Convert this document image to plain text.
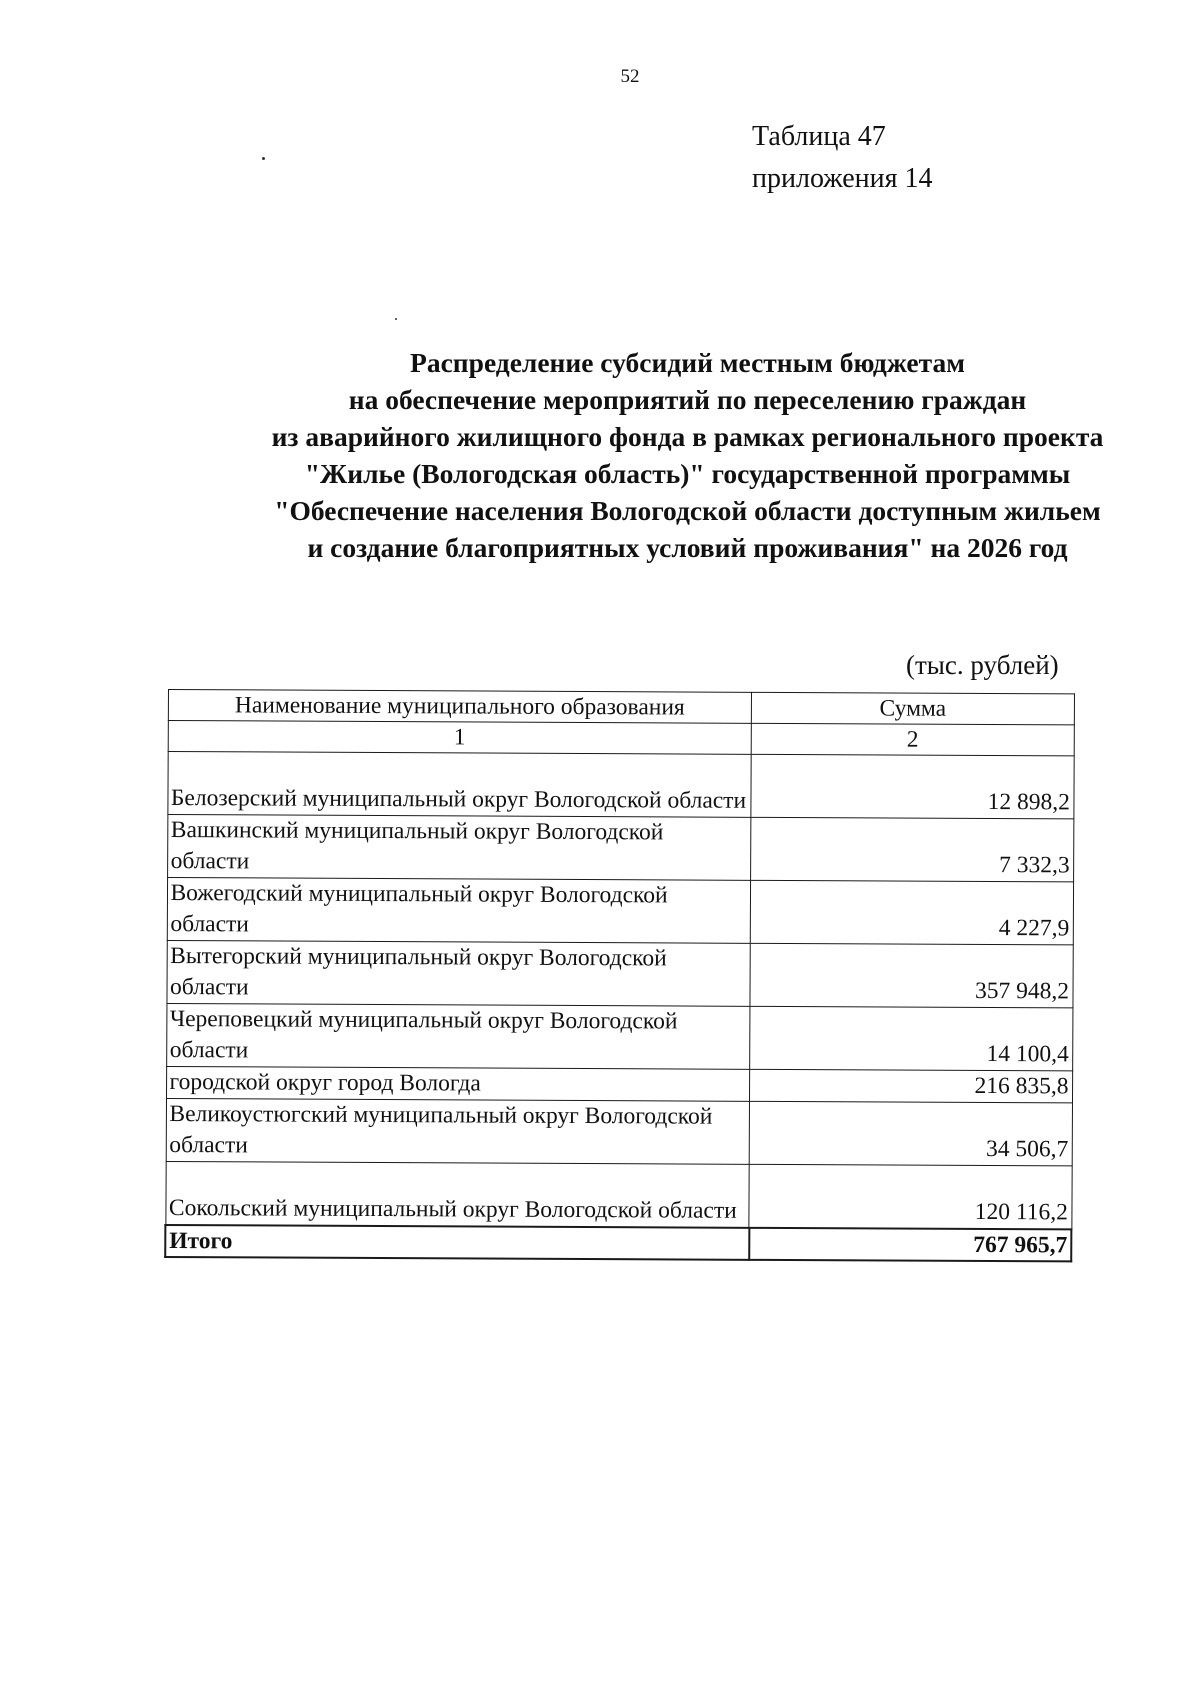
52
Таблица 47
приложения 14
Распределение субсидий местным бюджетам
на обеспечение мероприятий по переселению граждан
из аварийного жилищного фонда в рамках регионального проекта
"Жилье (Вологодская область)" государственной программы
"Обеспечение населения Вологодской области доступным жильем
и создание благоприятных условий проживания" на 2026 год
(тыс. рублей)
Наименование муниципального образования	Сумма
1	2
Белозерский муниципальный округ Вологодской области	12 898,2
Вашкинский муниципальный округ Вологодской области	7 332,3
Вожегодский муниципальный округ Вологодской области	4 227,9
Вытегорский муниципальный округ Вологодской области	357 948,2
Череповецкий муниципальный округ Вологодской области	14 100,4
городской округ город Вологда	216 835,8
Великоустюгский муниципальный округ Вологодской области	34 506,7
Сокольский муниципальный округ Вологодской области	120 116,2
Итого	767 965,7
